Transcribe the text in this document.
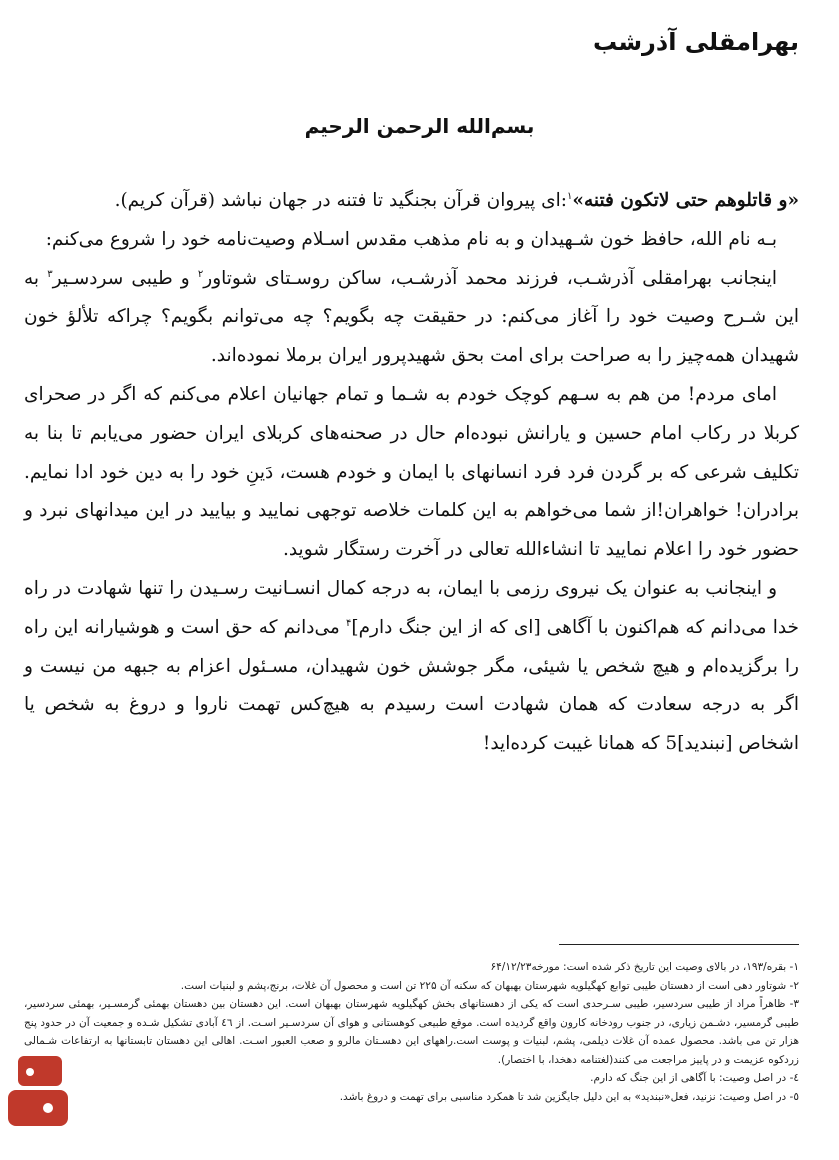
بهرامقلی آذرشب
بسم‌الله الرحمن الرحیم

«و قاتلوهم حتی لاتکون فتنه»$^۱$:ای پیروان قرآن بجنگید تا فتنه در جهان نباشد (قرآن کریم).

بـه نام الله، حافظ خون شـهیدان و به نام مذهب مقدس اسـلام وصیت‌نامه خود را شروع می‌کنم:

اینجانب بهرامقلی آذرشـب، فرزند محمد آذرشـب، ساکن روسـتای شوتاور$^۲$ و طیبی سردسـیر$^۳$ به این شـرح وصیت خود را آغاز می‌کنم: در حقیقت چه بگویم؟ چه می‌توانم بگویم؟ چراکه تلألؤ خون شهیدان همه‌چیز را به صراحت برای امت بحق شهیدپرور ایران برملا نموده‌اند.

امای مردم! من هم به سـهم کوچک خودم به شـما و تمام جهانیان اعلام می‌کنم که اگر در صحرای کربلا در رکاب امام حسین و یارانش نبوده‌ام حال در صحنه‌های کربلای ایران حضور می‌یابم تا بنا به تکلیف شرعی که بر گردن فرد فرد انسانهای با ایمان و خودم هست، دَینِ خود را به دین خود ادا نمایم. برادران! خواهران!از شما می‌خواهم به این کلمات خلاصه توجهی نمایید و بیایید در این میدانهای نبرد و حضور خود را اعلام نمایید تا انشاءالله تعالی در آخرت رستگار شوید.

و اینجانب به عنوان یک نیروی رزمی با ایمان، به درجه کمال انسـانیت رسـیدن را تنها شهادت در راه خدا می‌دانم که هم‌اکنون با آگاهی [ای که از این جنگ دارم]$^۴$ می‌دانم که حق است و هوشیارانه این راه را برگزیده‌ام و هیچ شخص یا شیئی، مگر جوشش خون شهیدان، مسـئول اعزام به جبهه من نیست و اگر به درجه سعادت که همان شهادت است رسیدم به هیچ‌کس تهمت ناروا و دروغ به شخص یا اشخاص [نبندید]5 که همانا غیبت کرده‌اید!

۱- بقره/۱۹۳، در بالای وصیت این تاریخ ذکر شده است: مورخه۶۴/۱۲/۲۳

۲- شوتاور دهی است از دهستان طیبی توابع کهگیلویه شهرستان بهبهان که سکنه آن ۲۲۵ تن است و محصول آن غلات، برنج،پشم و لبنیات است.

۳- ظاهراً مراد از طیبی سردسیر، طیبی سـرحدی است که یکی از دهستانهای بخش کهگیلویه شهرستان بهبهان است. این دهستان بین دهستان بهمئی گرمسـیر، بهمئی سردسیر، طیبی گرمسیر، دشـمن زیاری، در جنوب رودخانه کارون واقع گردیده است. موقع طبیعی کوهستانی و هوای آن سردسـیر اسـت. از ٤٦ آبادی تشکیل شـده و جمعیت آن در حدود پنج هزار تن می باشد. محصول عمده آن غلات دیلمی، پشم، لبنیات و پوست است.راههای این دهسـتان مالرو و صعب العبور اسـت. اهالی این دهستان تابستانها به ارتفاعات شـمالی زردکوه عزیمت و در پاییز مراجعت می کنند(لغتنامه دهخدا، با اختصار).

٤- در اصل وصیت: با آگاهی از این جنگ که دارم.

٥- در اصل وصیت: نزنید، فعل«نبندید» به این دلیل جایگزین شد تا همکرد مناسبی برای تهمت و دروغ باشد.
